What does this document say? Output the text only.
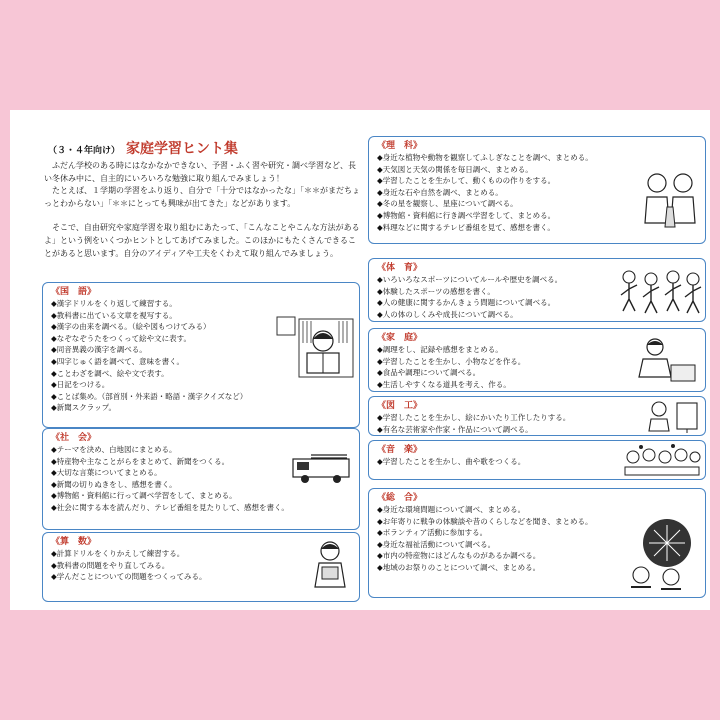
（３・４年向け） 家庭学習ヒント集

ふだん学校のある時にはなかなかできない、予習・ふく習や研究・調べ学習など、長い冬休み中に、自主的にいろいろな勉強に取り組んでみましょう！

たとえば、１学期の学習をふり返り、自分で「十分ではなかったな」「＊＊がまだちょっとわからない」「＊＊にとっても興味が出てきた」などがあります。

そこで、自由研究や家庭学習を取り組むにあたって、「こんなことやこんな方法があるよ」という例をいくつかヒントとしてあげてみました。このほかにもたくさんできることがあると思います。自分のアイディアや工夫をくわえて取り組んでみましょう。

《国　語》
◆漢字ドリルをくり返して練習する。
◆教科書に出ている文章を視写する。
◆漢字の由来を調べる。（絵や図もつけてみる）
◆なぞなぞうたをつくって絵や文に表す。
◆同音異義の漢字を調べる。
◆四字じゅく語を調べて、意味を書く。
◆ことわざを調べ、絵や文で表す。
◆日記をつける。
◆ことば集め。（部首別・外来語・略語・漢字クイズなど）
◆新聞スクラップ。
《社　会》
◆テーマを決め、白地図にまとめる。
◆特産物や主なことがらをまとめて、新聞をつくる。
◆大切な言葉についてまとめる。
◆新聞の切りぬきをし、感想を書く。
◆博物館・資料館に行って調べ学習をして、まとめる。
◆社会に関する本を読んだり、テレビ番組を見たりして、感想を書く。
《算　数》
◆計算ドリルをくりかえして練習する。
◆教科書の問題をやり直してみる。
◆学んだことについての問題をつくってみる。
《理　科》
◆身近な植物や動物を観察してふしぎなことを調べ、まとめる。
◆天気図と天気の関係を毎日調べ、まとめる。
◆学習したことを生かして、動くものの作りをする。
◆身近な石や自然を調べ、まとめる。
◆冬の星を観察し、星座について調べる。
◆博物館・資料館に行き調べ学習をして、まとめる。
◆料理などに関するテレビ番組を見て、感想を書く。
《体　育》
◆いろいろなスポーツについてルールや歴史を調べる。
◆体験したスポーツの感想を書く。
◆人の健康に関するかんきょう問題について調べる。
◆人の体のしくみや成長について調べる。
《家　庭》
◆調理をし、記録や感想をまとめる。
◆学習したことを生かし、小物などを作る。
◆食品や調理について調べる。
◆生活しやすくなる道具を考え、作る。
《図　工》
◆学習したことを生かし、絵にかいたり工作したりする。
◆有名な芸術家や作家・作品について調べる。
《音　楽》
◆学習したことを生かし、曲や歌をつくる。
《総　合》
◆身近な環境問題について調べ、まとめる。
◆お年寄りに戦争の体験談や昔のくらしなどを聞き、まとめる。
◆ボランティア活動に参加する。
◆身近な福祉活動について調べる。
◆市内の特産物にはどんなものがあるか調べる。
◆地域のお祭りのことについて調べ、まとめる。
